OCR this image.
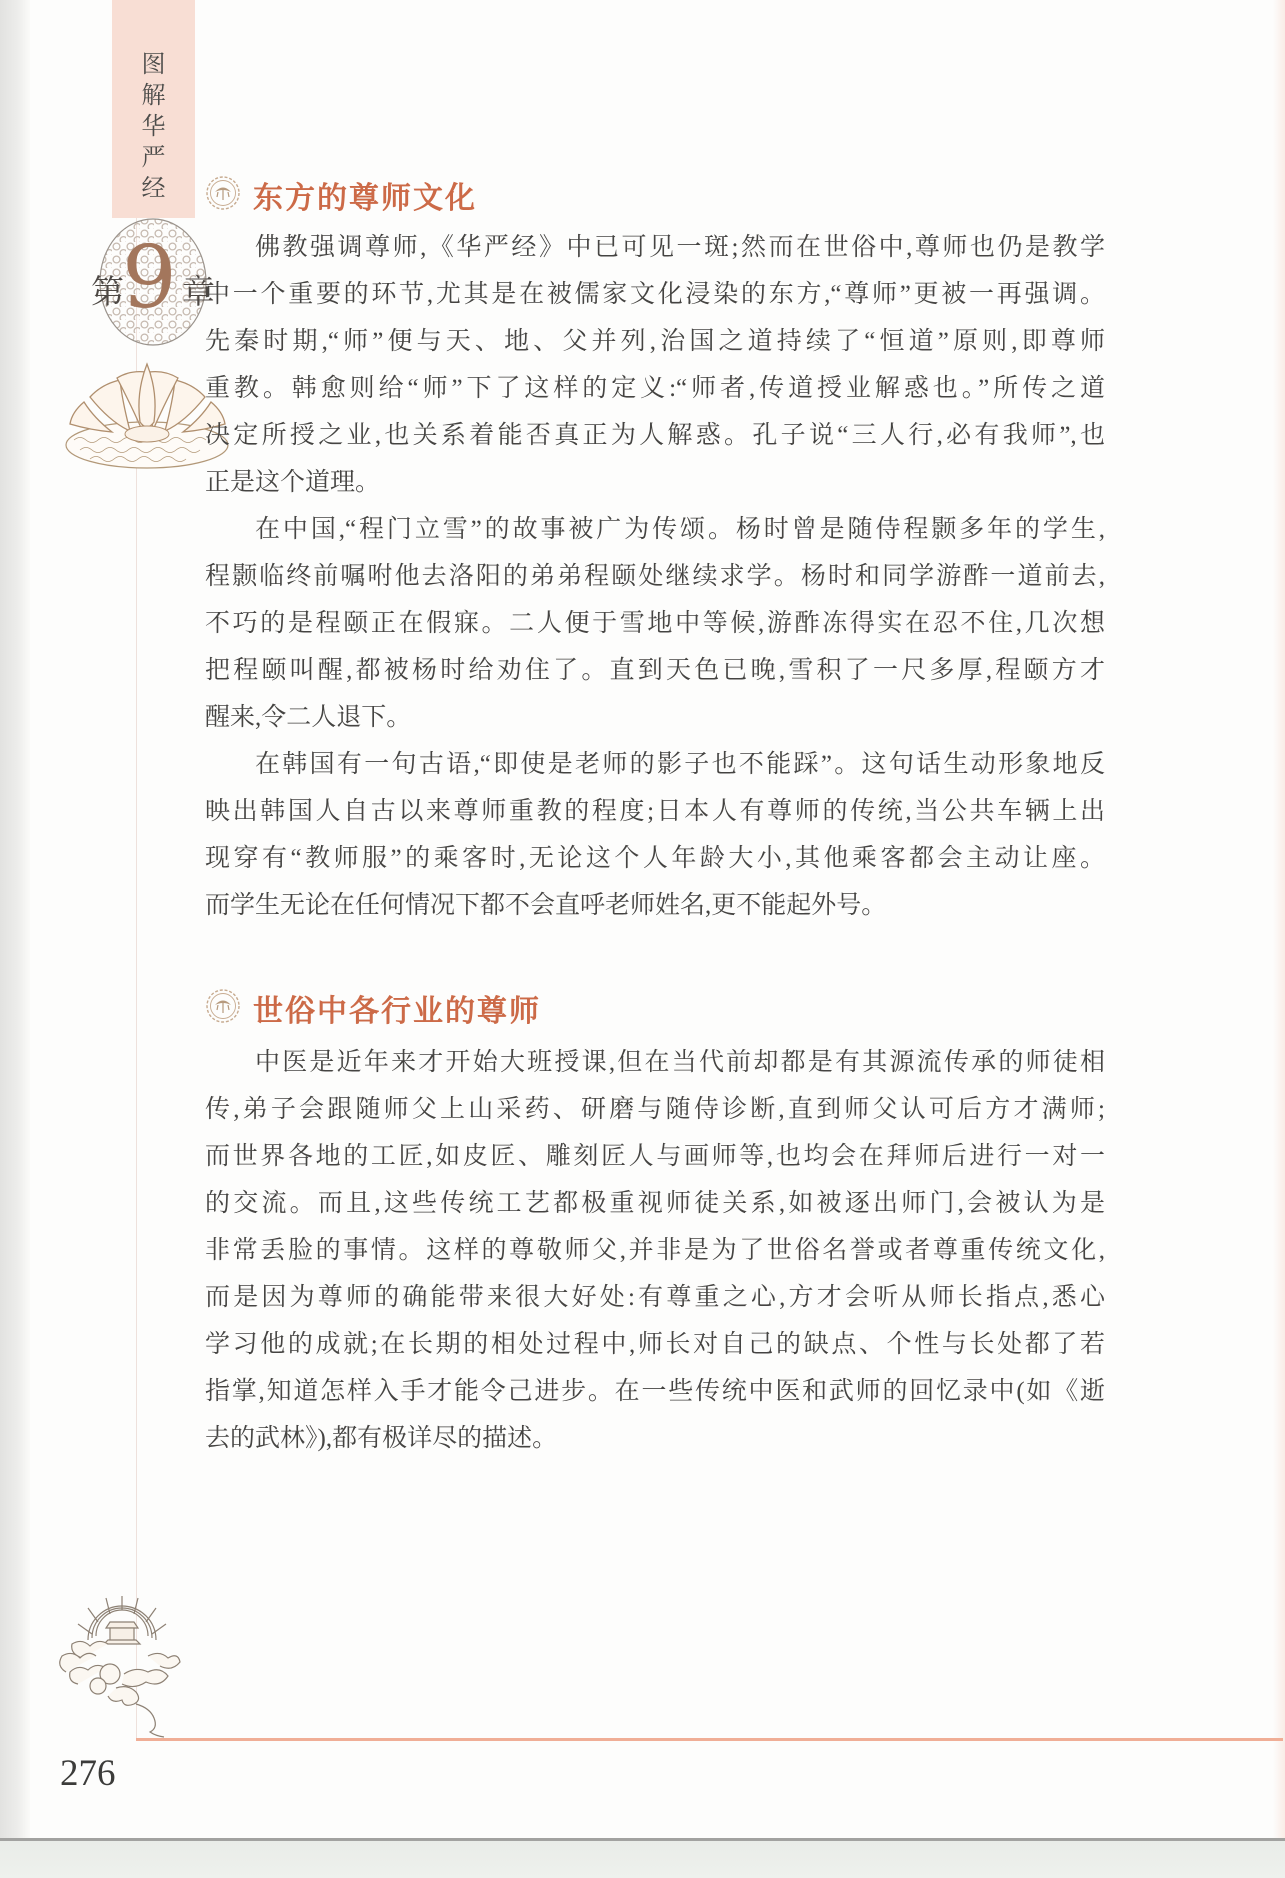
图
解
华
严
经
第
9 章
东方的尊师文化
佛教强调尊师,《华严经》中已可见一斑;然而在世俗中,尊师也仍是教学
中一个重要的环节,尤其是在被儒家文化浸染的东方,“尊师”更被一再强调。
先秦时期,“师”便与天、地、父并列,治国之道持续了“恒道”原则,即尊师
重教。韩愈则给“师”下了这样的定义:“师者,传道授业解惑也。”所传之道
决定所授之业,也关系着能否真正为人解惑。孔子说“三人行,必有我师”,也
正是这个道理。
在中国,“程门立雪”的故事被广为传颂。杨时曾是随侍程颢多年的学生,
程颢临终前嘱咐他去洛阳的弟弟程颐处继续求学。杨时和同学游酢一道前去,
不巧的是程颐正在假寐。二人便于雪地中等候,游酢冻得实在忍不住,几次想
把程颐叫醒,都被杨时给劝住了。直到天色已晚,雪积了一尺多厚,程颐方才
醒来,令二人退下。
在韩国有一句古语,“即使是老师的影子也不能踩”。这句话生动形象地反
映出韩国人自古以来尊师重教的程度;日本人有尊师的传统,当公共车辆上出
现穿有“教师服”的乘客时,无论这个人年龄大小,其他乘客都会主动让座。
而学生无论在任何情况下都不会直呼老师姓名,更不能起外号。
世俗中各行业的尊师
中医是近年来才开始大班授课,但在当代前却都是有其源流传承的师徒相
传,弟子会跟随师父上山采药、研磨与随侍诊断,直到师父认可后方才满师;
而世界各地的工匠,如皮匠、雕刻匠人与画师等,也均会在拜师后进行一对一
的交流。而且,这些传统工艺都极重视师徒关系,如被逐出师门,会被认为是
非常丢脸的事情。这样的尊敬师父,并非是为了世俗名誉或者尊重传统文化,
而是因为尊师的确能带来很大好处:有尊重之心,方才会听从师长指点,悉心
学习他的成就;在长期的相处过程中,师长对自己的缺点、个性与长处都了若
指掌,知道怎样入手才能令己进步。在一些传统中医和武师的回忆录中(如《逝
去的武林》),都有极详尽的描述。
276
